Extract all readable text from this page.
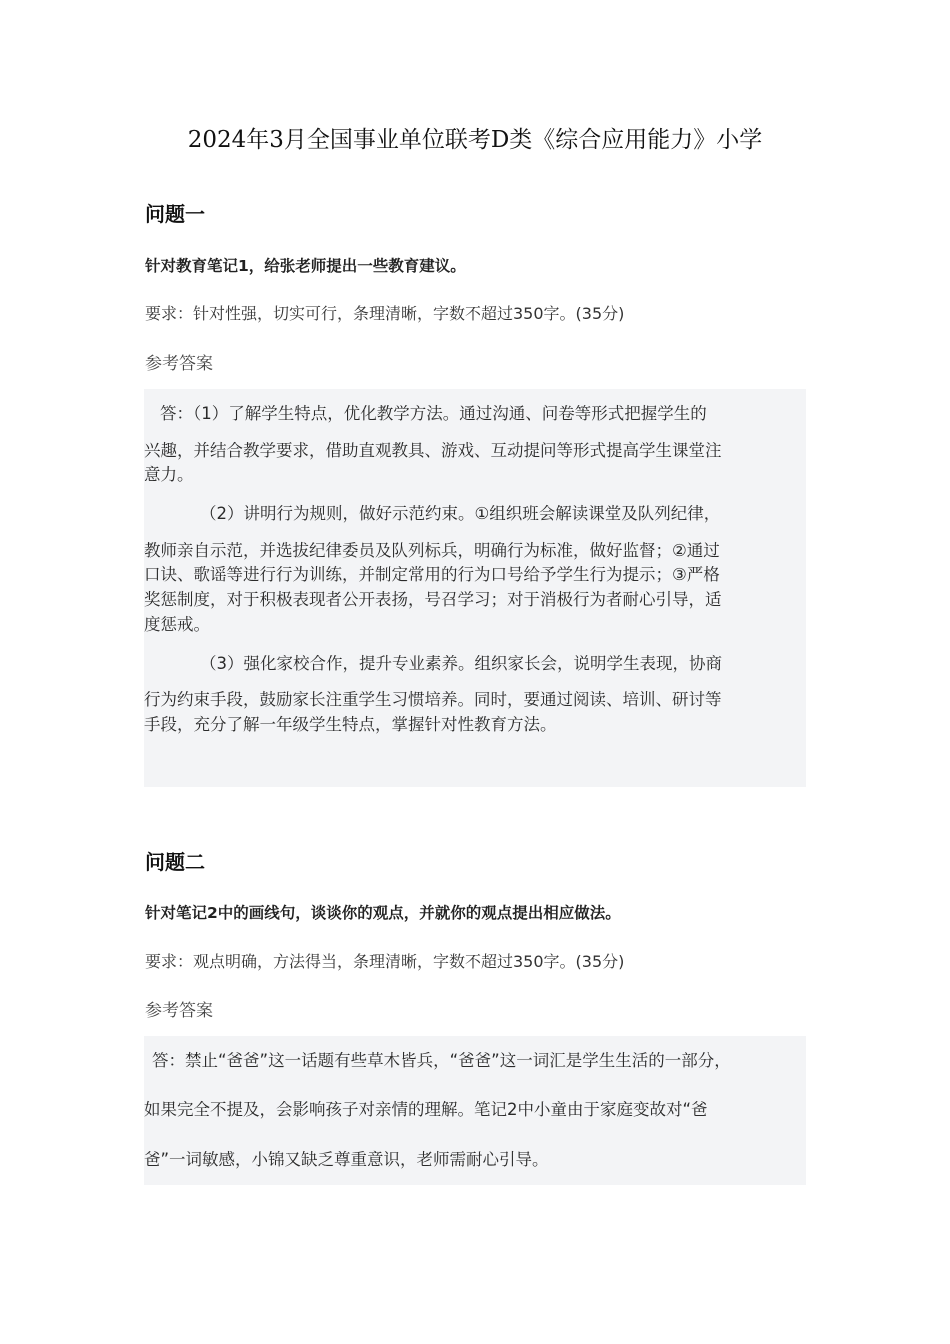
2024年3月全国事业单位联考D类《综合应用能力》小学
问题一

针对教育笔记1，给张老师提出一些教育建议。

要求：针对性强，切实可行，条理清晰，字数不超过350字。(35分)

参考答案

答：（1）了解学生特点，优化教学方法。通过沟通、问卷等形式把握学生的

兴趣，并结合教学要求，借助直观教具、游戏、互动提问等形式提高学生课堂注

意力。

（2）讲明行为规则，做好示范约束。①组织班会解读课堂及队列纪律，

教师亲自示范，并选拔纪律委员及队列标兵，明确行为标准，做好监督；②通过

口诀、歌谣等进行行为训练，并制定常用的行为口号给予学生行为提示；③严格

奖惩制度，对于积极表现者公开表扬，号召学习；对于消极行为者耐心引导，适

度惩戒。

（3）强化家校合作，提升专业素养。组织家长会，说明学生表现，协商

行为约束手段，鼓励家长注重学生习惯培养。同时，要通过阅读、培训、研讨等

手段，充分了解一年级学生特点，掌握针对性教育方法。

问题二

针对笔记2中的画线句，谈谈你的观点，并就你的观点提出相应做法。

要求：观点明确，方法得当，条理清晰，字数不超过350字。(35分)

参考答案

答：禁止“爸爸”这一话题有些草木皆兵，“爸爸”这一词汇是学生生活的一部分，

如果完全不提及，会影响孩子对亲情的理解。笔记2中小童由于家庭变故对“爸

爸”一词敏感，小锦又缺乏尊重意识，老师需耐心引导。
